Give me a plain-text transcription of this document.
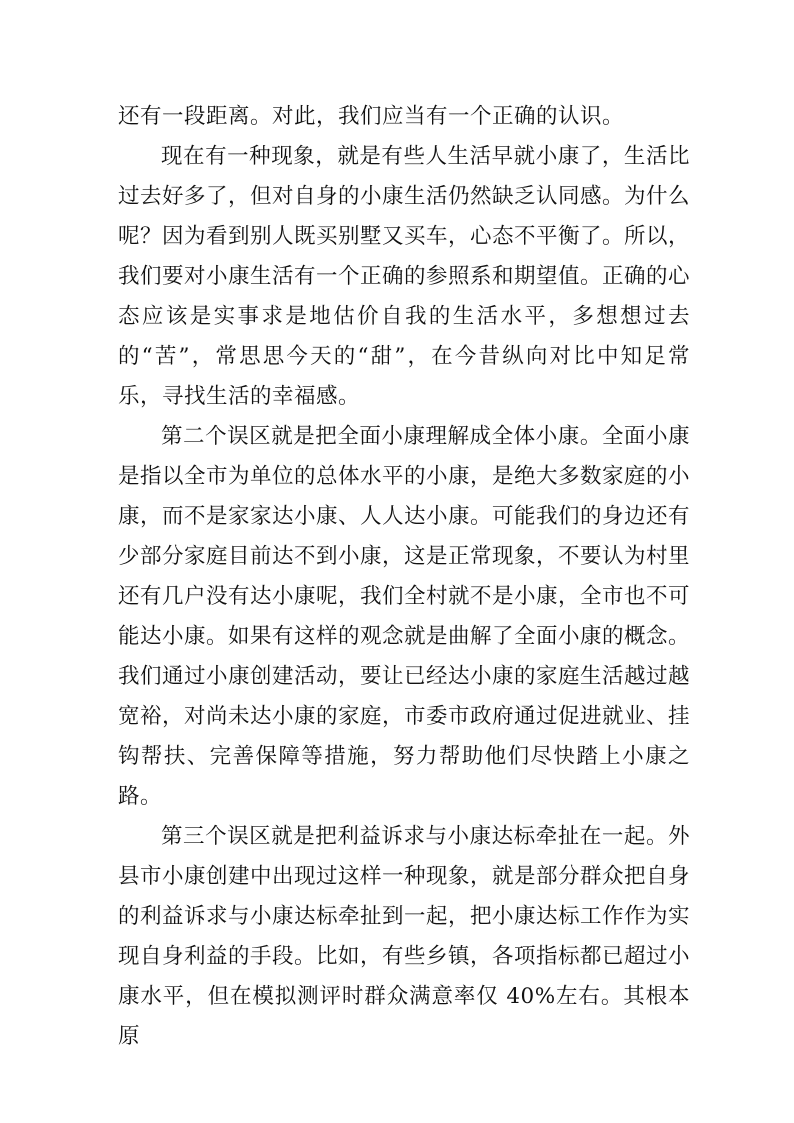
还有一段距离。对此，我们应当有一个正确的认识。

现在有一种现象，就是有些人生活早就小康了，生活比过去好多了，但对自身的小康生活仍然缺乏认同感。为什么呢？因为看到别人既买别墅又买车，心态不平衡了。所以，我们要对小康生活有一个正确的参照系和期望值。正确的心态应该是实事求是地估价自我的生活水平，多想想过去的“苦”，常思思今天的“甜”，在今昔纵向对比中知足常乐，寻找生活的幸福感。

第二个误区就是把全面小康理解成全体小康。全面小康是指以全市为单位的总体水平的小康，是绝大多数家庭的小康，而不是家家达小康、人人达小康。可能我们的身边还有少部分家庭目前达不到小康，这是正常现象，不要认为村里还有几户没有达小康呢，我们全村就不是小康，全市也不可能达小康。如果有这样的观念就是曲解了全面小康的概念。我们通过小康创建活动，要让已经达小康的家庭生活越过越宽裕，对尚未达小康的家庭，市委市政府通过促进就业、挂钩帮扶、完善保障等措施，努力帮助他们尽快踏上小康之路。

第三个误区就是把利益诉求与小康达标牵扯在一起。外县市小康创建中出现过这样一种现象，就是部分群众把自身的利益诉求与小康达标牵扯到一起，把小康达标工作作为实现自身利益的手段。比如，有些乡镇，各项指标都已超过小康水平，但在模拟测评时群众满意率仅 40%左右。其根本原
